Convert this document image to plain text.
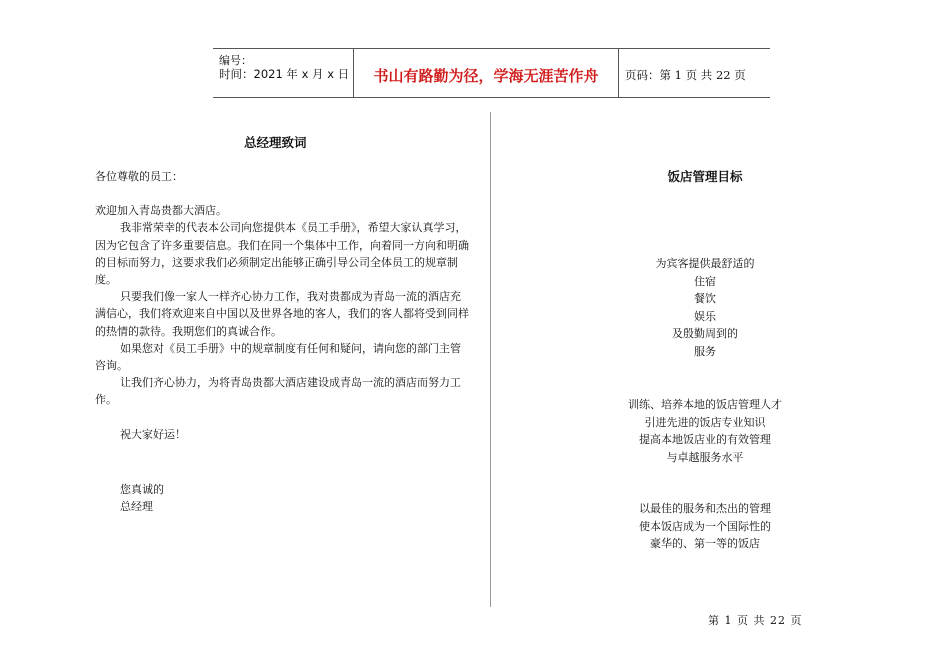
编号：
时间：2021 年 x 月 x 日	书山有路勤为径，学海无涯苦作舟	页码：第 1 页 共 22 页
总经理致词

各位尊敬的员工：

欢迎加入青岛贵都大酒店。

我非常荣幸的代表本公司向您提供本《员工手册》，希望大家认真学习，因为它包含了许多重要信息。我们在同一个集体中工作，向着同一方向和明确的目标而努力，这要求我们必须制定出能够正确引导公司全体员工的规章制度。

只要我们像一家人一样齐心协力工作，我对贵都成为青岛一流的酒店充满信心，我们将欢迎来自中国以及世界各地的客人，我们的客人都将受到同样的热情的款待。我期您们的真诚合作。

如果您对《员工手册》中的规章制度有任何和疑问，请向您的部门主管咨询。

让我们齐心协力，为将青岛贵都大酒店建设成青岛一流的酒店而努力工作。

祝大家好运！

您真诚的

总经理

饭店管理目标
为宾客提供最舒适的
住宿
餐饮
娱乐
及殷勤周到的
服务
训练、培养本地的饭店管理人才
引进先进的饭店专业知识
提高本地饭店业的有效管理
与卓越服务水平
以最佳的服务和杰出的管理
使本饭店成为一个国际性的
豪华的、第一等的饭店
第 1 页 共 22 页
